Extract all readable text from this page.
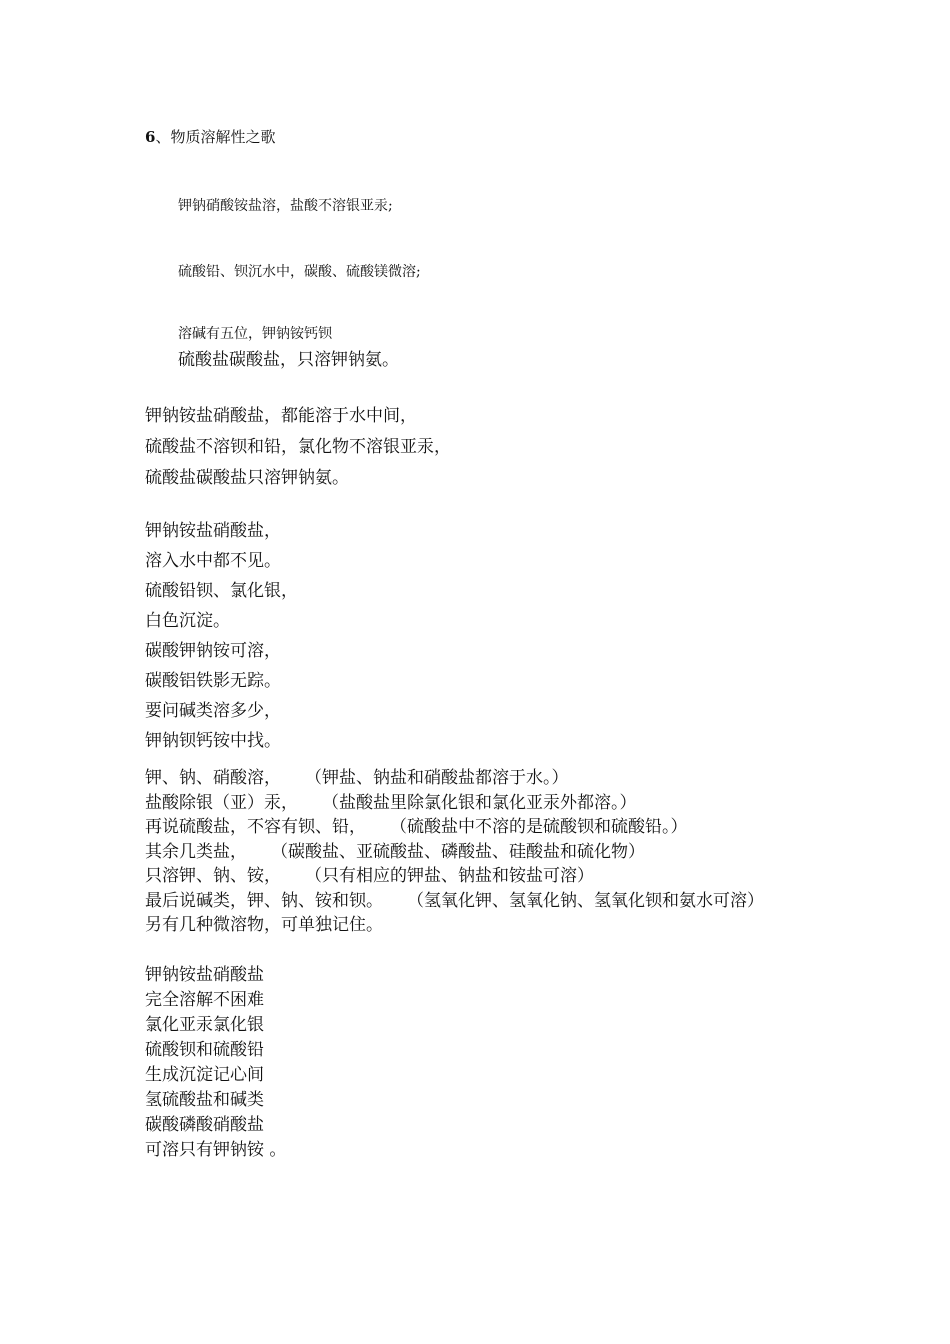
6、物质溶解性之歌
钾钠硝酸铵盐溶，盐酸不溶银亚汞;
硫酸铅、钡沉水中，碳酸、硫酸镁微溶;
溶碱有五位，钾钠铵钙钡
硫酸盐碳酸盐，只溶钾钠氨。
钾钠铵盐硝酸盐，都能溶于水中间，
硫酸盐不溶钡和铅，氯化物不溶银亚汞，
硫酸盐碳酸盐只溶钾钠氨。
钾钠铵盐硝酸盐，
溶入水中都不见。
硫酸铅钡、氯化银，
白色沉淀。
碳酸钾钠铵可溶，
碳酸铝铁影无踪。
要问碱类溶多少，
钾钠钡钙铵中找。
钾、钠、硝酸溶， （钾盐、钠盐和硝酸盐都溶于水。）
盐酸除银（亚）汞， （盐酸盐里除氯化银和氯化亚汞外都溶。）
再说硫酸盐，不容有钡、铅， （硫酸盐中不溶的是硫酸钡和硫酸铅。）
其余几类盐， （碳酸盐、亚硫酸盐、磷酸盐、硅酸盐和硫化物）
只溶钾、钠、铵， （只有相应的钾盐、钠盐和铵盐可溶）
最后说碱类，钾、钠、铵和钡。 （氢氧化钾、氢氧化钠、氢氧化钡和氨水可溶）
另有几种微溶物，可单独记住。
钾钠铵盐硝酸盐
完全溶解不困难
氯化亚汞氯化银
硫酸钡和硫酸铅
生成沉淀记心间
氢硫酸盐和碱类
碳酸磷酸硝酸盐
可溶只有钾钠铵 。
